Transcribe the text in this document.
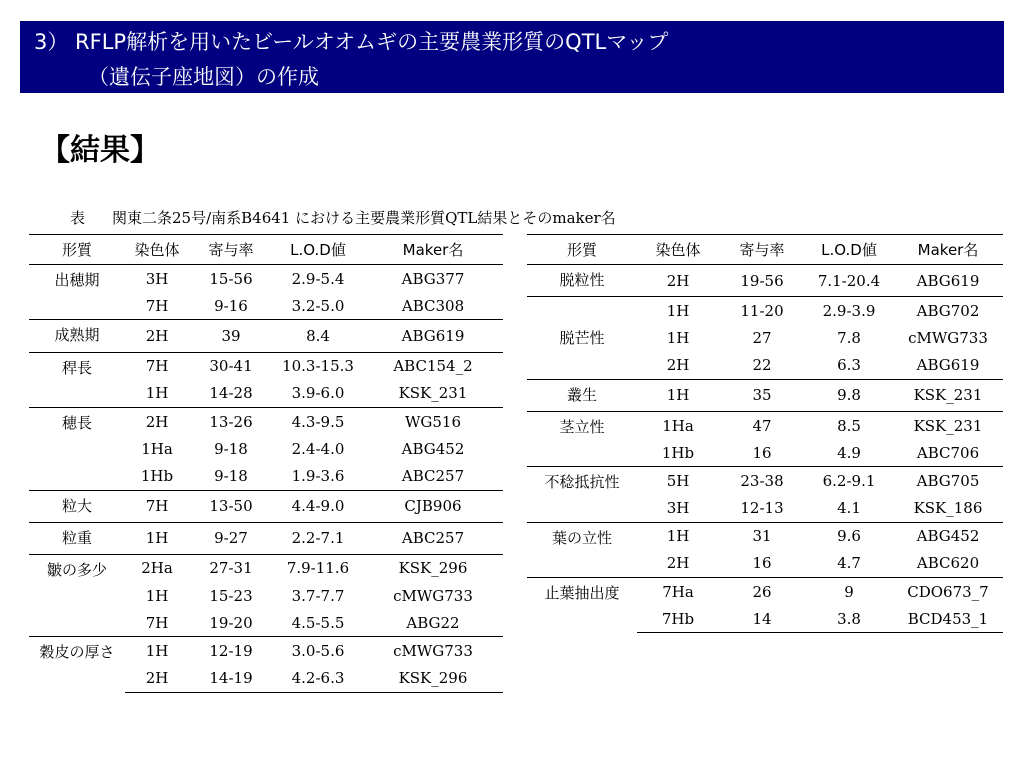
3） RFLP解析を用いたビールオオムギの主要農業形質のQTLマップ
（遺伝子座地図）の作成
【結果】
表 関東二条25号/南系B4641 における主要農業形質QTL結果とそのmaker名
形質	染色体	寄与率	L.O.D値	Maker名
出穂期	3H	15-56	2.9-5.4	ABG377
	7H	9-16	3.2-5.0	ABC308
成熟期	2H	39	8.4	ABG619
稈長	7H	30-41	10.3-15.3	ABC154_2
	1H	14-28	3.9-6.0	KSK_231
穂長	2H	13-26	4.3-9.5	WG516
	1Ha	9-18	2.4-4.0	ABG452
	1Hb	9-18	1.9-3.6	ABC257
粒大	7H	13-50	4.4-9.0	CJB906
粒重	1H	9-27	2.2-7.1	ABC257
皺の多少	2Ha	27-31	7.9-11.6	KSK_296
	1H	15-23	3.7-7.7	cMWG733
	7H	19-20	4.5-5.5	ABG22
穀皮の厚さ	1H	12-19	3.0-5.6	cMWG733
	2H	14-19	4.2-6.3	KSK_296
形質	染色体	寄与率	L.O.D値	Maker名
脱粒性	2H	19-56	7.1-20.4	ABG619
脱芒性	1H	11-20	2.9-3.9	ABG702
	1H	27	7.8	cMWG733
	2H	22	6.3	ABG619
叢生	1H	35	9.8	KSK_231
茎立性	1Ha	47	8.5	KSK_231
	1Hb	16	4.9	ABC706
不稔抵抗性	5H	23-38	6.2-9.1	ABG705
	3H	12-13	4.1	KSK_186
葉の立性	1H	31	9.6	ABG452
	2H	16	4.7	ABC620
止葉抽出度	7Ha	26	9	CDO673_7
	7Hb	14	3.8	BCD453_1
